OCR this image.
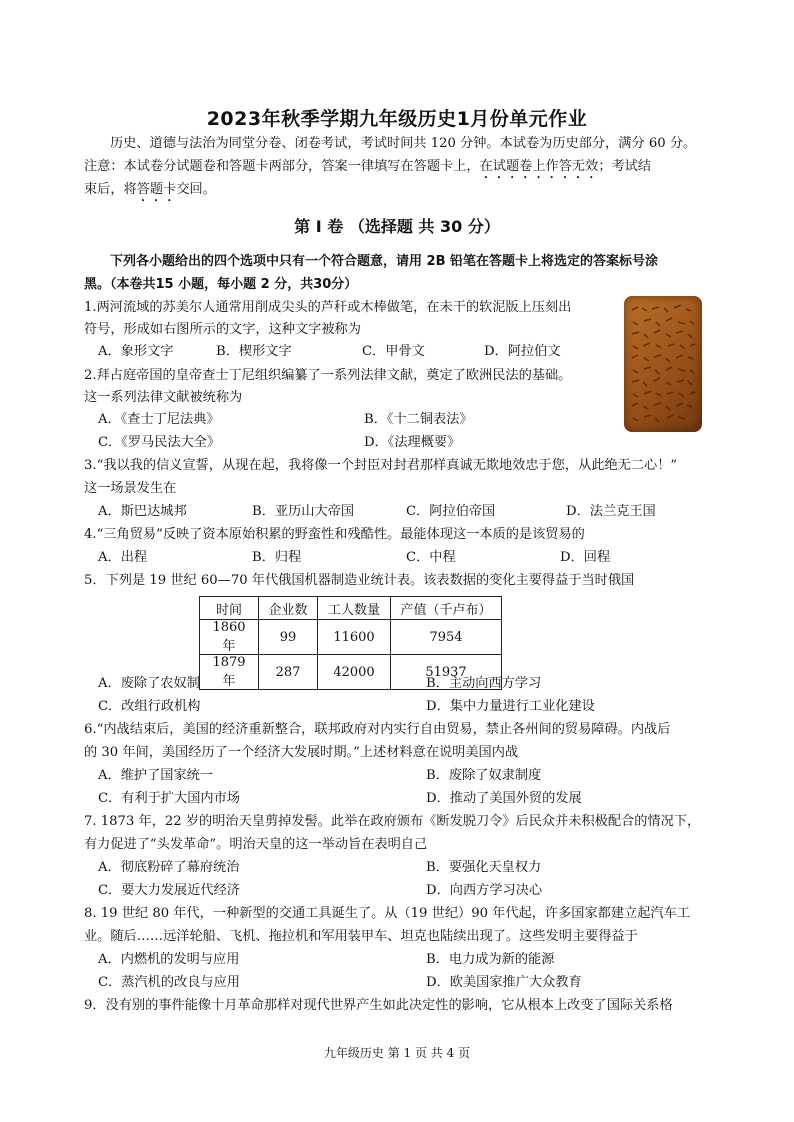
2023年秋季学期九年级历史1月份单元作业
历史、道德与法治为同堂分卷、闭卷考试，考试时间共 120 分钟。本试卷为历史部分，满分 60 分。
注意：本试卷分试题卷和答题卡两部分，答案一律填写在答题卡上，在试题卷上作答无效；考试结
束后，将答题卡交回。
第 I 卷 （选择题 共 30 分）
下列各小题给出的四个选项中只有一个符合题意，请用 2B 铅笔在答题卡上将选定的答案标号涂
黑。（本卷共15 小题，每小题 2 分，共30分）
1.两河流域的苏美尔人通常用削成尖头的芦秆或木棒做笔，在未干的软泥版上压刻出
符号，形成如右图所示的文字，这种文字被称为
A．象形文字	B．楔形文字	C．甲骨文	D．阿拉伯文
2.拜占庭帝国的皇帝查士丁尼组织编纂了一系列法律文献，奠定了欧洲民法的基础。
这一系列法律文献被统称为
A．《查士丁尼法典》	B．《十二铜表法》
C．《罗马民法大全》	D．《法理概要》
3.“我以我的信义宣誓，从现在起，我将像一个封臣对封君那样真诚无欺地效忠于您，从此绝无二心！”
这一场景发生在
A．斯巴达城邦	B．亚历山大帝国	C．阿拉伯帝国	D．法兰克王国
4.“三角贸易”反映了资本原始积累的野蛮性和残酷性。最能体现这一本质的是该贸易的
A．出程	B．归程	C．中程	D．回程
5．下列是 19 世纪 60—70 年代俄国机器制造业统计表。该表数据的变化主要得益于当时俄国
时间	企业数	工人数量	产值（千卢布）
1860 年	99	11600	7954
1879 年	287	42000	51937
A．废除了农奴制	B．主动向西方学习
C．改组行政机构	D．集中力量进行工业化建设
6.“内战结束后，美国的经济重新整合，联邦政府对内实行自由贸易，禁止各州间的贸易障碍。内战后
的 30 年间，美国经历了一个经济大发展时期。”上述材料意在说明美国内战
A．维护了国家统一	B．废除了奴隶制度
C．有利于扩大国内市场	D．推动了美国外贸的发展
7. 1873 年，22 岁的明治天皇剪掉发髻。此举在政府颁布《断发脱刀令》后民众并未积极配合的情况下，
有力促进了“头发革命”。明治天皇的这一举动旨在表明自己
A．彻底粉碎了幕府统治	B．要强化天皇权力
C．要大力发展近代经济	D．向西方学习决心
8. 19 世纪 80 年代，一种新型的交通工具诞生了。从（19 世纪）90 年代起，许多国家都建立起汽车工
业。随后……远洋轮船、飞机、拖拉机和军用装甲车、坦克也陆续出现了。这些发明主要得益于
A．内燃机的发明与应用	B．电力成为新的能源
C．蒸汽机的改良与应用	D．欧美国家推广大众教育
9．没有别的事件能像十月革命那样对现代世界产生如此决定性的影响，它从根本上改变了国际关系格
九年级历史 第 1 页 共 4 页
